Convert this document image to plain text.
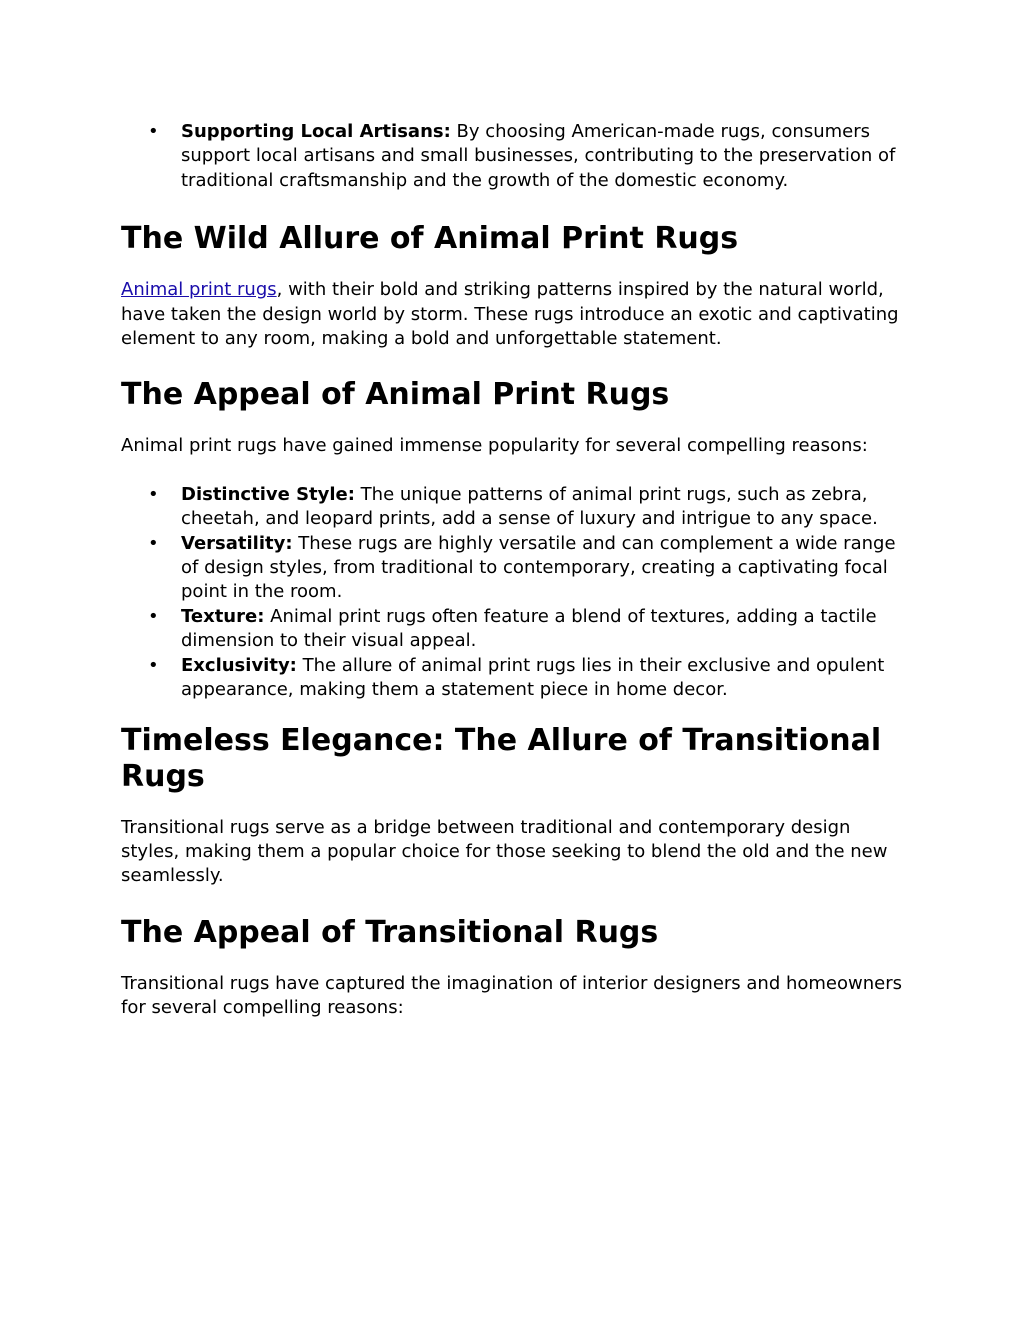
• Supporting Local Artisans: By choosing American-made rugs, consumers support local artisans and small businesses, contributing to the preservation of traditional craftsmanship and the growth of the domestic economy.
The Wild Allure of Animal Print Rugs

Animal print rugs, with their bold and striking patterns inspired by the natural world, have taken the design world by storm. These rugs introduce an exotic and captivating element to any room, making a bold and unforgettable statement.

The Appeal of Animal Print Rugs

Animal print rugs have gained immense popularity for several compelling reasons:

• Distinctive Style: The unique patterns of animal print rugs, such as zebra, cheetah, and leopard prints, add a sense of luxury and intrigue to any space.
• Versatility: These rugs are highly versatile and can complement a wide range of design styles, from traditional to contemporary, creating a captivating focal point in the room.
• Texture: Animal print rugs often feature a blend of textures, adding a tactile dimension to their visual appeal.
• Exclusivity: The allure of animal print rugs lies in their exclusive and opulent appearance, making them a statement piece in home decor.
Timeless Elegance: The Allure of Transitional Rugs

Transitional rugs serve as a bridge between traditional and contemporary design styles, making them a popular choice for those seeking to blend the old and the new seamlessly.

The Appeal of Transitional Rugs

Transitional rugs have captured the imagination of interior designers and homeowners for several compelling reasons:
